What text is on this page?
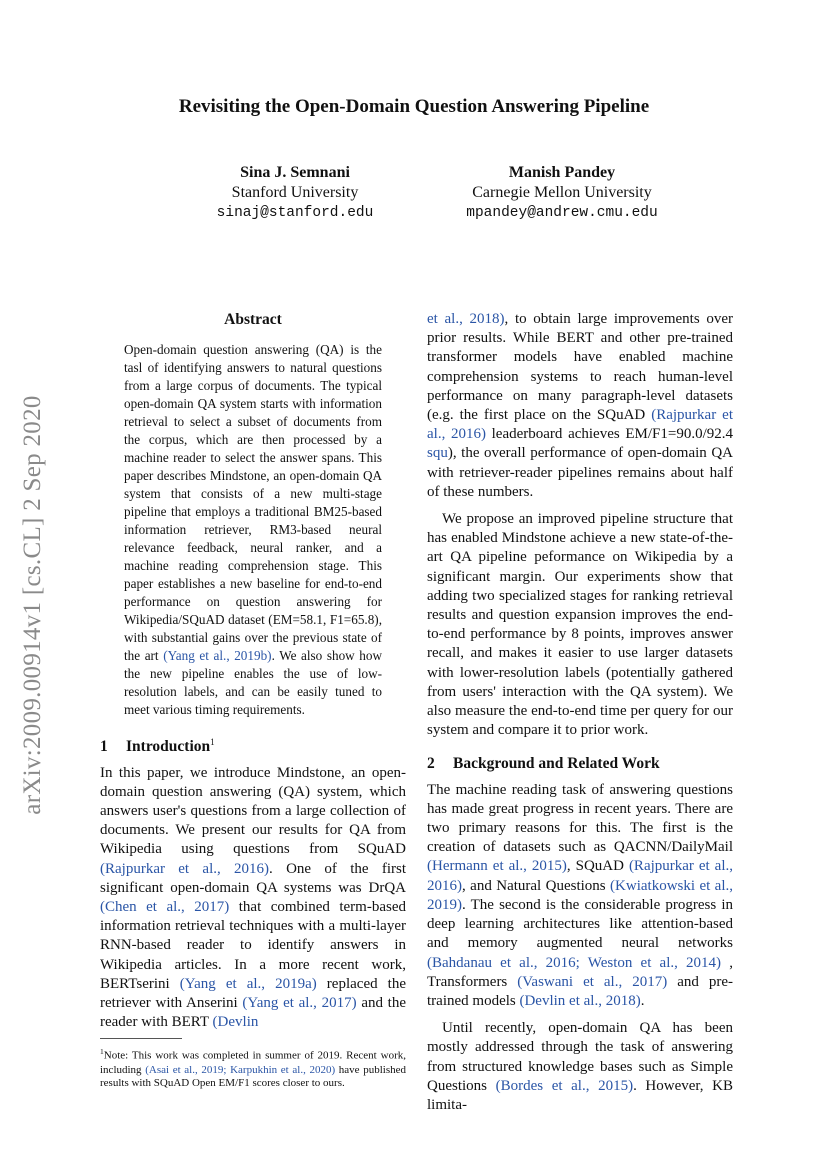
Revisiting the Open-Domain Question Answering Pipeline
Sina J. Semnani
Stanford University
sinaj@stanford.edu
Manish Pandey
Carnegie Mellon University
mpandey@andrew.cmu.edu
arXiv:2009.00914v1 [cs.CL] 2 Sep 2020
Abstract
Open-domain question answering (QA) is the tasl of identifying answers to natural questions from a large corpus of documents. The typical open-domain QA system starts with information retrieval to select a subset of documents from the corpus, which are then processed by a machine reader to select the answer spans. This paper describes Mindstone, an open-domain QA system that consists of a new multi-stage pipeline that employs a traditional BM25-based information retriever, RM3-based neural relevance feedback, neural ranker, and a machine reading comprehension stage. This paper establishes a new baseline for end-to-end performance on question answering for Wikipedia/SQuAD dataset (EM=58.1, F1=65.8), with substantial gains over the previous state of the art (Yang et al., 2019b). We also show how the new pipeline enables the use of low-resolution labels, and can be easily tuned to meet various timing requirements.
1 Introduction$^1$

In this paper, we introduce Mindstone, an open-domain question answering (QA) system, which answers user's questions from a large collection of documents. We present our results for QA from Wikipedia using questions from SQuAD (Rajpurkar et al., 2016). One of the first significant open-domain QA systems was DrQA (Chen et al., 2017) that combined term-based information retrieval techniques with a multi-layer RNN-based reader to identify answers in Wikipedia articles. In a more recent work, BERTserini (Yang et al., 2019a) replaced the retriever with Anserini (Yang et al., 2017) and the reader with BERT (Devlin

$^1$Note: This work was completed in summer of 2019. Recent work, including (Asai et al., 2019; Karpukhin et al., 2020) have published results with SQuAD Open EM/F1 scores closer to ours.

et al., 2018), to obtain large improvements over prior results. While BERT and other pre-trained transformer models have enabled machine comprehension systems to reach human-level performance on many paragraph-level datasets (e.g. the first place on the SQuAD (Rajpurkar et al., 2016) leaderboard achieves EM/F1=90.0/92.4 squ), the overall performance of open-domain QA with retriever-reader pipelines remains about half of these numbers.

We propose an improved pipeline structure that has enabled Mindstone achieve a new state-of-the-art QA pipeline peformance on Wikipedia by a significant margin. Our experiments show that adding two specialized stages for ranking retrieval results and question expansion improves the end-to-end performance by 8 points, improves answer recall, and makes it easier to use larger datasets with lower-resolution labels (potentially gathered from users' interaction with the QA system). We also measure the end-to-end time per query for our system and compare it to prior work.

2 Background and Related Work

The machine reading task of answering questions has made great progress in recent years. There are two primary reasons for this. The first is the creation of datasets such as QACNN/DailyMail (Hermann et al., 2015), SQuAD (Rajpurkar et al., 2016), and Natural Questions (Kwiatkowski et al., 2019). The second is the considerable progress in deep learning architectures like attention-based and memory augmented neural networks (Bahdanau et al., 2016; Weston et al., 2014) , Transformers (Vaswani et al., 2017) and pre-trained models (Devlin et al., 2018).

Until recently, open-domain QA has been mostly addressed through the task of answering from structured knowledge bases such as Simple Questions (Bordes et al., 2015). However, KB limita-
